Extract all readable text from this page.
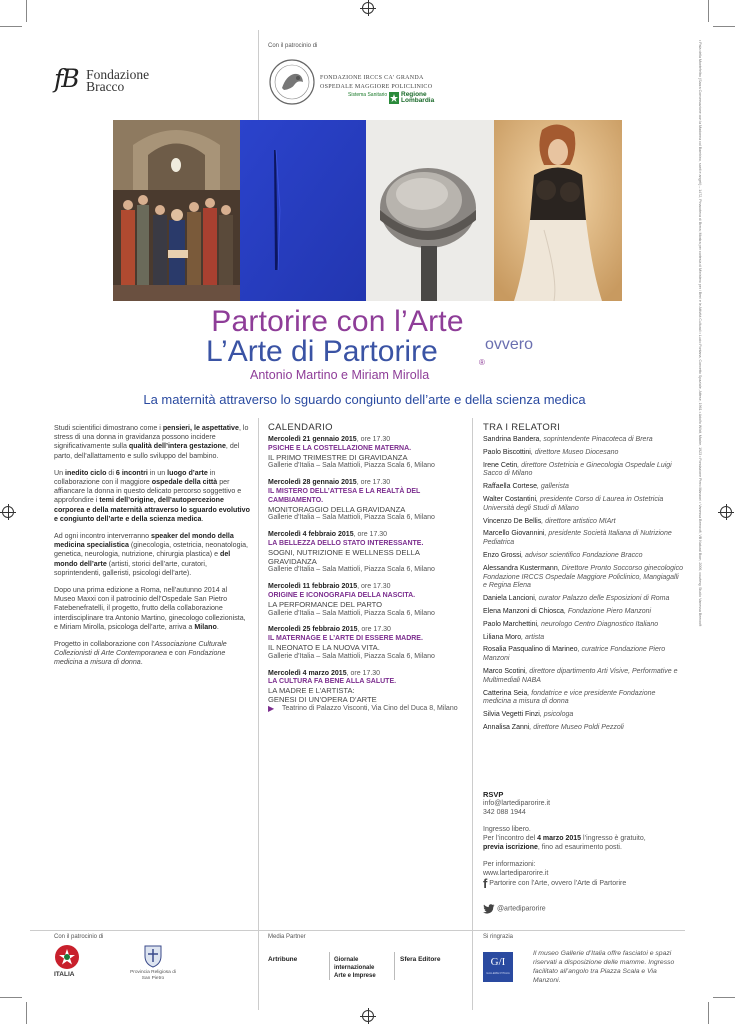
fB Fondazione
Bracco
Con il patrocinio di
FONDAZIONE IRCCS CA' GRANDA
OSPEDALE MAGGIORE POLICLINICO
Sistema Sanitario Regione Lombardia
Partorire con l’Arte
L’Arte di Partorire	ovvero
®
Antonio Martino e Miriam Mirolla
La maternità attraverso lo sguardo congiunto dell’arte e della scienza medica	• Pala della Montefeltro (Sacra Conversazione con la Madonna col Bambino, santi e angeli) – 1472, Pinacoteca di Brera; Mostra per cortesia di Ministero per i Beni e le Attività Culturali • Lucio Fontana, Concetto Spaziale, Attese, 1961 • Adolfo Wildt, Madre, 1923 • Fondazione Piero Manzoni • Vanessa Beecroft, VB Natural Born, 2006, courtesy Studio Vanessa Beecroft

Studi scientifici dimostrano come i pensieri, le aspettative, lo stress di una donna in gravidanza possono incidere significativamente sulla qualità dell’intera gestazione, del parto, dell’allattamento e sullo sviluppo del bambino.

Un inedito ciclo di 6 incontri in un luogo d’arte in collaborazione con il maggiore ospedale della città per affiancare la donna in questo delicato percorso soggettivo e approfondire i temi dell’origine, dell’autopercezione corporea e della maternità attraverso lo sguardo evolutivo e congiunto dell’arte e della scienza medica.

Ad ogni incontro interverranno speaker del mondo della medicina specialistica (ginecologia, ostetricia, neonatologia, genetica, neurologia, nutrizione, chirurgia plastica) e del mondo dell’arte (artisti, storici dell’arte, curatori, soprintendenti, galleristi, psicologi dell’arte).

Dopo una prima edizione a Roma, nell’autunno 2014 al Museo Maxxi con il patrocinio dell’Ospedale San Pietro Fatebenefratelli, il progetto, frutto della collaborazione interdisciplinare tra Antonio Martino, ginecologo collezionista, e Miriam Mirolla, psicologa dell’arte, arriva a Milano.

Progetto in collaborazione con l’Associazione Culturale Collezionisti di Arte Contemporanea e con Fondazione medicina a misura di donna.

CALENDARIO
Mercoledì 21 gennaio 2015, ore 17.30
PSICHE E LA COSTELLAZIONE MATERNA.
IL PRIMO TRIMESTRE DI GRAVIDANZA
Gallerie d’Italia – Sala Mattioli, Piazza Scala 6, Milano
Mercoledì 28 gennaio 2015, ore 17.30
IL MISTERO DELL’ATTESA E LA REALTÀ DEL CAMBIAMENTO.
MONITORAGGIO DELLA GRAVIDANZA
Gallerie d’Italia – Sala Mattioli, Piazza Scala 6, Milano
Mercoledì 4 febbraio 2015, ore 17.30
LA BELLEZZA DELLO STATO INTERESSANTE.
SOGNI, NUTRIZIONE E WELLNESS DELLA GRAVIDANZA
Gallerie d’Italia – Sala Mattioli, Piazza Scala 6, Milano
Mercoledì 11 febbraio 2015, ore 17.30
ORIGINE E ICONOGRAFIA DELLA NASCITA.
LA PERFORMANCE DEL PARTO
Gallerie d’Italia – Sala Mattioli, Piazza Scala 6, Milano
Mercoledì 25 febbraio 2015, ore 17.30
IL MATERNAGE E L’ARTE DI ESSERE MADRE.
IL NEONATO E LA NUOVA VITA.
Gallerie d’Italia – Sala Mattioli, Piazza Scala 6, Milano
Mercoledì 4 marzo 2015, ore 17.30
LA CULTURA FA BENE ALLA SALUTE.
LA MADRE E L’ARTISTA:
GENESI DI UN’OPERA D’ARTE
▶ Teatrino di Palazzo Visconti, Via Cino del Duca 8, Milano
TRA I RELATORI
Sandrina Bandera, soprintendente Pinacoteca di Brera
Paolo Biscottini, direttore Museo Diocesano
Irene Cetin, direttore Ostetricia e Ginecologia Ospedale Luigi Sacco di Milano
Raffaella Cortese, gallerista
Walter Costantini, presidente Corso di Laurea in Ostetricia Università degli Studi di Milano
Vincenzo De Bellis, direttore artistico MIArt
Marcello Giovannini, presidente Società Italiana di Nutrizione Pediatrica
Enzo Grossi, advisor scientifico Fondazione Bracco
Alessandra Kustermann, Direttore Pronto Soccorso ginecologico Fondazione IRCCS Ospedale Maggiore Policlinico, Mangiagalli e Regina Elena
Daniela Lancioni, curator Palazzo delle Esposizioni di Roma
Elena Manzoni di Chiosca, Fondazione Piero Manzoni
Paolo Marchettini, neurologo Centro Diagnostico Italiano
Liliana Moro, artista
Rosalia Pasqualino di Marineo, curatrice Fondazione Piero Manzoni
Marco Scotini, direttore dipartimento Arti Visive, Performative e Multimediali NABA
Catterina Seia, fondatrice e vice presidente Fondazione medicina a misura di donna
Silvia Vegetti Finzi, psicologa
Annalisa Zanni, direttore Museo Poldi Pezzoli
RSVP
info@lartediparorire.it
342 088 1944
Ingresso libero.
Per l’incontro del 4 marzo 2015 l’ingresso è gratuito,
previa iscrizione, fino ad esaurimento posti.
Per informazioni:
www.lartediparorire.it
f Partorire con l’Arte, ovvero l’Arte di Partorire
@artediparorire
Con il patrocinio di
ITALIA	Provincia Religiosa di San Pietro
Media Partner
Artribune	Giornale internazionale Arte e Imprese
Sfera Editore
Si ringrazia
G/I
GALLERIE D'ITALIA
Il museo Gallerie d’Italia offre fasciatoi e spazi riservati a disposizione delle mamme. Ingresso facilitato all’angolo tra Piazza Scala e Via Manzoni.
